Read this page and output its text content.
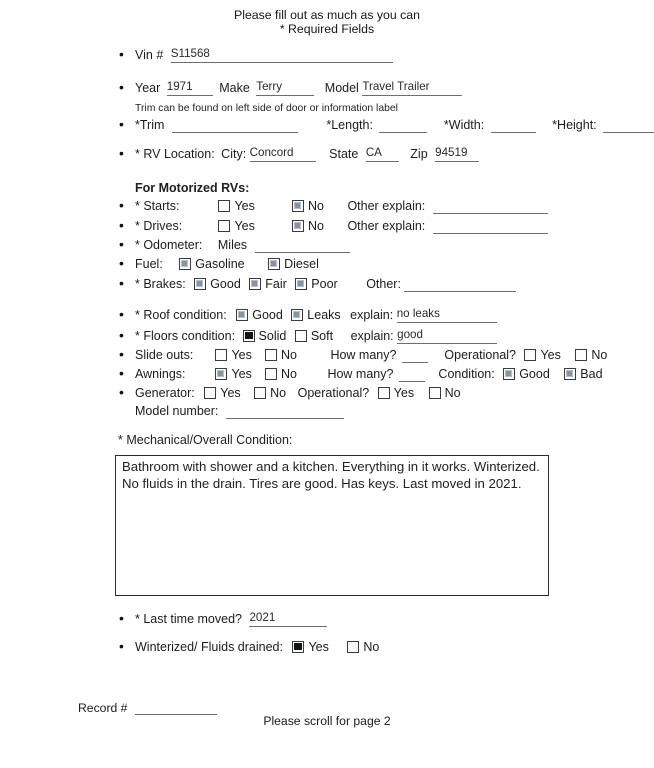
Please fill out as much as you can
* Required Fields
• Vin # S11568
• Year 1971 Make Terry	Model Travel Trailer
Trim can be found on left side of door or information label
• *Trim	*Length:	*Width:	*Height:
• * RV Location: City: Concord	State CA Zip 94519
For Motorized RVs:
• * Starts:	Yes	No Other explain:
• * Drives:	Yes	No Other explain:
• * Odometer: Miles
• Fuel:	Gasoline	Diesel
• * Brakes: Good Fair Poor Other:
• * Roof condition: Good Leaks explain: no leaks
• * Floors condition: Solid Soft explain: good
• Slide outs:	Yes No	How many?	Operational? Yes No
• Awnings:	Yes No How many?	Condition: Good Bad
• Generator: Yes No Operational? Yes No
Model number:
* Mechanical/Overall Condition:
Bathroom with shower and a kitchen. Everything in it works. Winterized. No fluids in the drain. Tires are good. Has keys. Last moved in 2021.
• * Last time moved? 2021
• Winterized/ Fluids drained: Yes	No
Record #
Please scroll for page 2
